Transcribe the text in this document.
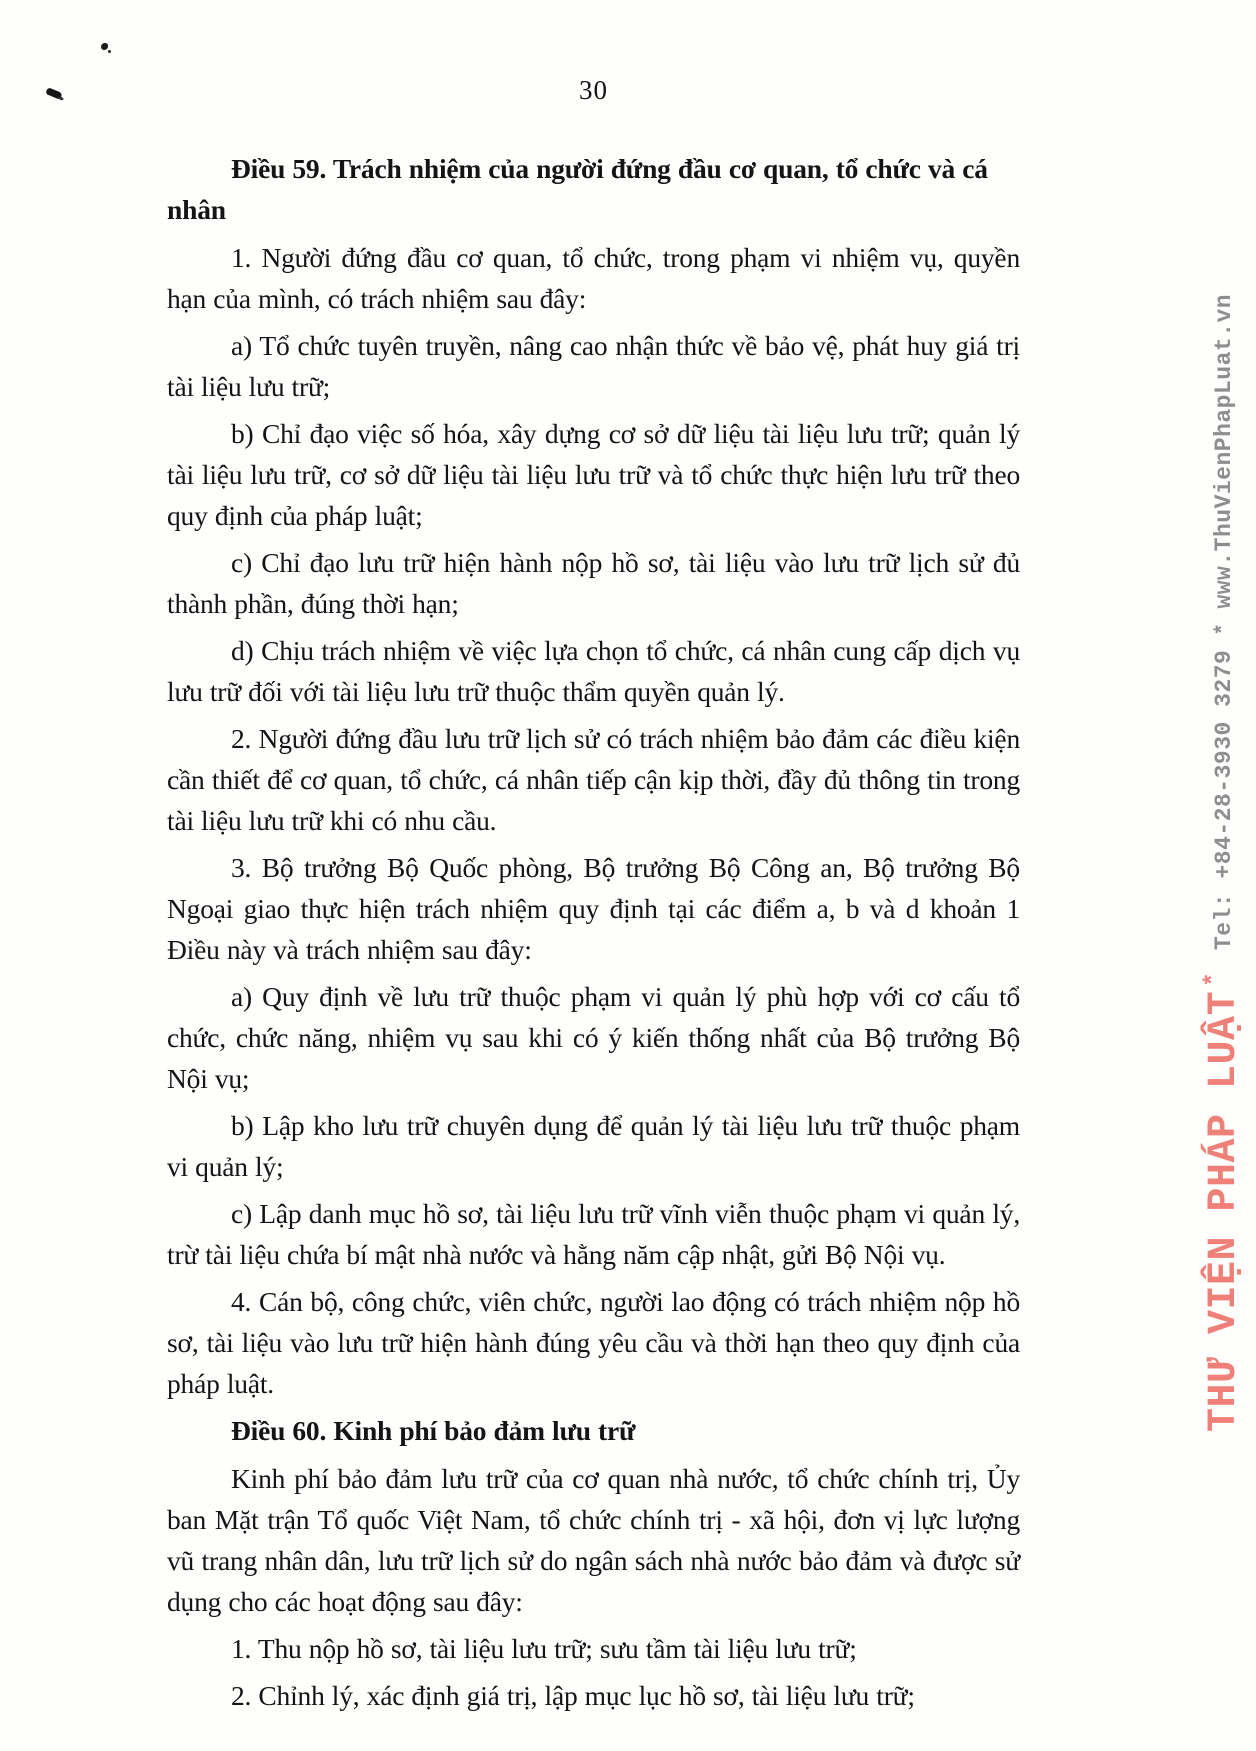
30

Điều 59. Trách nhiệm của người đứng đầu cơ quan, tổ chức và cá nhân

1. Người đứng đầu cơ quan, tổ chức, trong phạm vi nhiệm vụ, quyền hạn của mình, có trách nhiệm sau đây:

a) Tổ chức tuyên truyền, nâng cao nhận thức về bảo vệ, phát huy giá trị tài liệu lưu trữ;

b) Chỉ đạo việc số hóa, xây dựng cơ sở dữ liệu tài liệu lưu trữ; quản lý tài liệu lưu trữ, cơ sở dữ liệu tài liệu lưu trữ và tổ chức thực hiện lưu trữ theo quy định của pháp luật;

c) Chỉ đạo lưu trữ hiện hành nộp hồ sơ, tài liệu vào lưu trữ lịch sử đủ thành phần, đúng thời hạn;

d) Chịu trách nhiệm về việc lựa chọn tổ chức, cá nhân cung cấp dịch vụ lưu trữ đối với tài liệu lưu trữ thuộc thẩm quyền quản lý.

2. Người đứng đầu lưu trữ lịch sử có trách nhiệm bảo đảm các điều kiện cần thiết để cơ quan, tổ chức, cá nhân tiếp cận kịp thời, đầy đủ thông tin trong tài liệu lưu trữ khi có nhu cầu.

3. Bộ trưởng Bộ Quốc phòng, Bộ trưởng Bộ Công an, Bộ trưởng Bộ Ngoại giao thực hiện trách nhiệm quy định tại các điểm a, b và d khoản 1 Điều này và trách nhiệm sau đây:

a) Quy định về lưu trữ thuộc phạm vi quản lý phù hợp với cơ cấu tổ chức, chức năng, nhiệm vụ sau khi có ý kiến thống nhất của Bộ trưởng Bộ Nội vụ;

b) Lập kho lưu trữ chuyên dụng để quản lý tài liệu lưu trữ thuộc phạm vi quản lý;

c) Lập danh mục hồ sơ, tài liệu lưu trữ vĩnh viễn thuộc phạm vi quản lý, trừ tài liệu chứa bí mật nhà nước và hằng năm cập nhật, gửi Bộ Nội vụ.

4. Cán bộ, công chức, viên chức, người lao động có trách nhiệm nộp hồ sơ, tài liệu vào lưu trữ hiện hành đúng yêu cầu và thời hạn theo quy định của pháp luật.

Điều 60. Kinh phí bảo đảm lưu trữ

Kinh phí bảo đảm lưu trữ của cơ quan nhà nước, tổ chức chính trị, Ủy ban Mặt trận Tổ quốc Việt Nam, tổ chức chính trị - xã hội, đơn vị lực lượng vũ trang nhân dân, lưu trữ lịch sử do ngân sách nhà nước bảo đảm và được sử dụng cho các hoạt động sau đây:

1. Thu nộp hồ sơ, tài liệu lưu trữ; sưu tầm tài liệu lưu trữ;

2. Chỉnh lý, xác định giá trị, lập mục lục hồ sơ, tài liệu lưu trữ;

THƯ VIỆN PHÁP LUẬT*
Tel: +84-28-3930 3279
*
www.ThuVienPhapLuat.vn
